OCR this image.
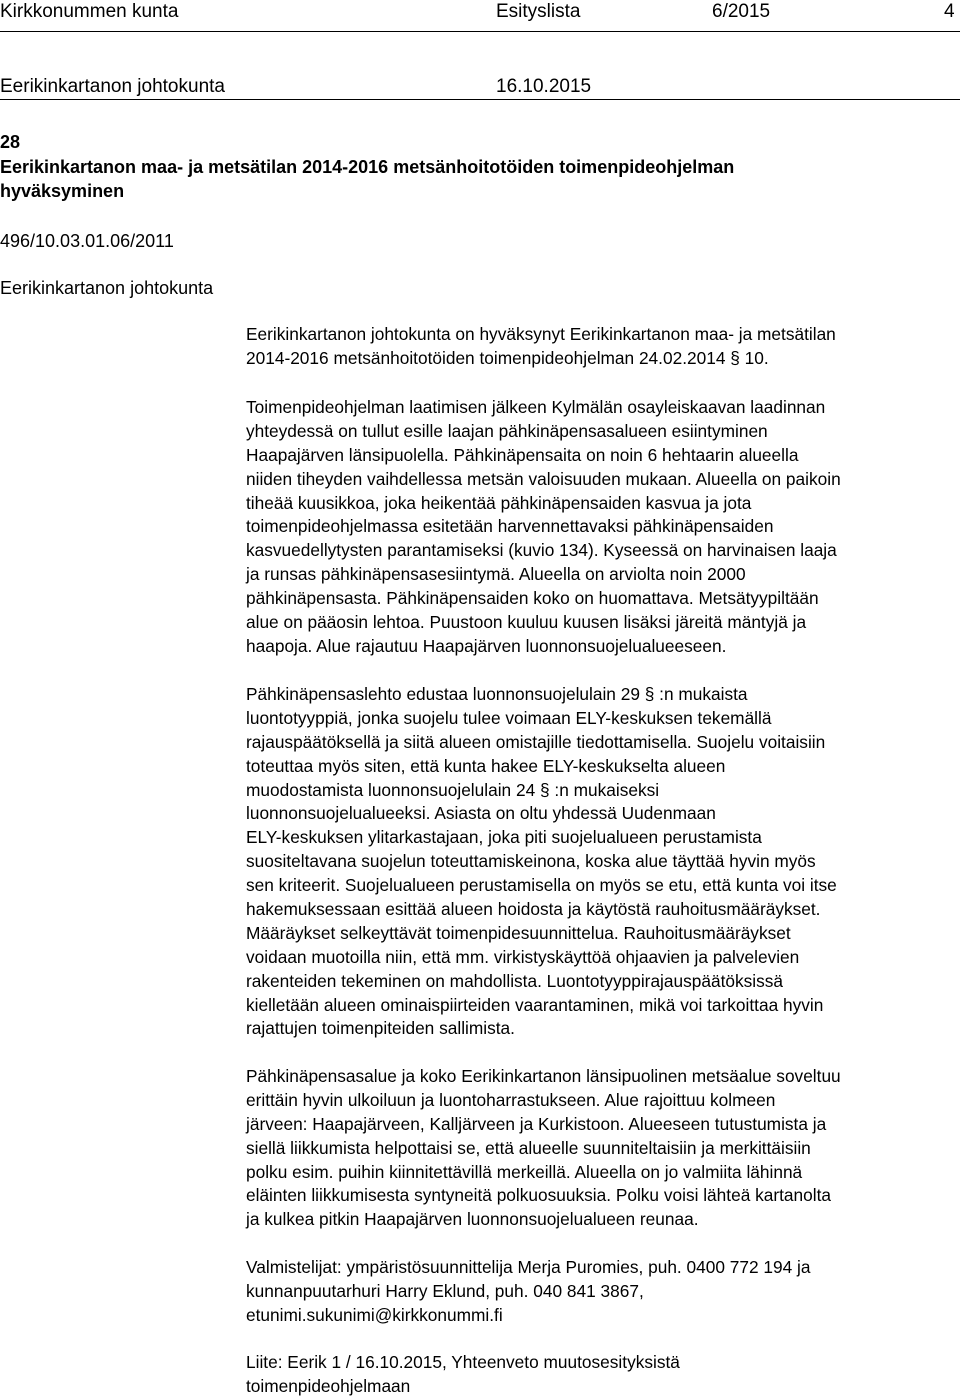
Kirkkonummen kunta	Esityslista	6/2015	4
Eerikinkartanon johtokunta	16.10.2015
28
Eerikinkartanon maa- ja metsätilan 2014-2016 metsänhoitotöiden toimenpideohjelman
hyväksyminen
496/10.03.01.06/2011
Eerikinkartanon johtokunta
Eerikinkartanon johtokunta on hyväksynyt Eerikinkartanon maa- ja metsätilan
2014-2016 metsänhoitotöiden toimenpideohjelman 24.02.2014 § 10.
Toimenpideohjelman laatimisen jälkeen Kylmälän osayleiskaavan laadinnan
yhteydessä on tullut esille laajan pähkinäpensasalueen esiintyminen
Haapajärven länsipuolella. Pähkinäpensaita on noin 6 hehtaarin alueella
niiden tiheyden vaihdellessa metsän valoisuuden mukaan. Alueella on paikoin
tiheää kuusikkoa, joka heikentää pähkinäpensaiden kasvua ja jota
toimenpideohjelmassa esitetään harvennettavaksi pähkinäpensaiden
kasvuedellytysten parantamiseksi (kuvio 134). Kyseessä on harvinaisen laaja
ja runsas pähkinäpensasesiintymä. Alueella on arviolta noin 2000
pähkinäpensasta. Pähkinäpensaiden koko on huomattava. Metsätyypiltään
alue on pääosin lehtoa. Puustoon kuuluu kuusen lisäksi järeitä mäntyjä ja
haapoja. Alue rajautuu Haapajärven luonnonsuojelualueeseen.
Pähkinäpensaslehto edustaa luonnonsuojelulain 29 § :n mukaista
luontotyyppiä, jonka suojelu tulee voimaan ELY-keskuksen tekemällä
rajauspäätöksellä ja siitä alueen omistajille tiedottamisella. Suojelu voitaisiin
toteuttaa myös siten, että kunta hakee ELY-keskukselta alueen
muodostamista luonnonsuojelulain 24 § :n mukaiseksi
luonnonsuojelualueeksi. Asiasta on oltu yhdessä Uudenmaan
ELY-keskuksen ylitarkastajaan, joka piti suojelualueen perustamista
suositeltavana suojelun toteuttamiskeinona, koska alue täyttää hyvin myös
sen kriteerit. Suojelualueen perustamisella on myös se etu, että kunta voi itse
hakemuksessaan esittää alueen hoidosta ja käytöstä rauhoitusmääräykset.
Määräykset selkeyttävät toimenpidesuunnittelua. Rauhoitusmääräykset
voidaan muotoilla niin, että mm. virkistyskäyttöä ohjaavien ja palvelevien
rakenteiden tekeminen on mahdollista. Luontotyyppirajauspäätöksissä
kielletään alueen ominaispiirteiden vaarantaminen, mikä voi tarkoittaa hyvin
rajattujen toimenpiteiden sallimista.
Pähkinäpensasalue ja koko Eerikinkartanon länsipuolinen metsäalue soveltuu
erittäin hyvin ulkoiluun ja luontoharrastukseen. Alue rajoittuu kolmeen
järveen: Haapajärveen, Kalljärveen ja Kurkistoon. Alueeseen tutustumista ja
siellä liikkumista helpottaisi se, että alueelle suunniteltaisiin ja merkittäisiin
polku esim. puihin kiinnitettävillä merkeillä. Alueella on jo valmiita lähinnä
eläinten liikkumisesta syntyneitä polkuosuuksia. Polku voisi lähteä kartanolta
ja kulkea pitkin Haapajärven luonnonsuojelualueen reunaa.
Valmistelijat: ympäristösuunnittelija Merja Puromies, puh. 0400 772 194 ja
kunnanpuutarhuri Harry Eklund, puh. 040 841 3867,
etunimi.sukunimi@kirkkonummi.fi
Liite: Eerik 1 / 16.10.2015, Yhteenveto muutosesityksistä
toimenpideohjelmaan
